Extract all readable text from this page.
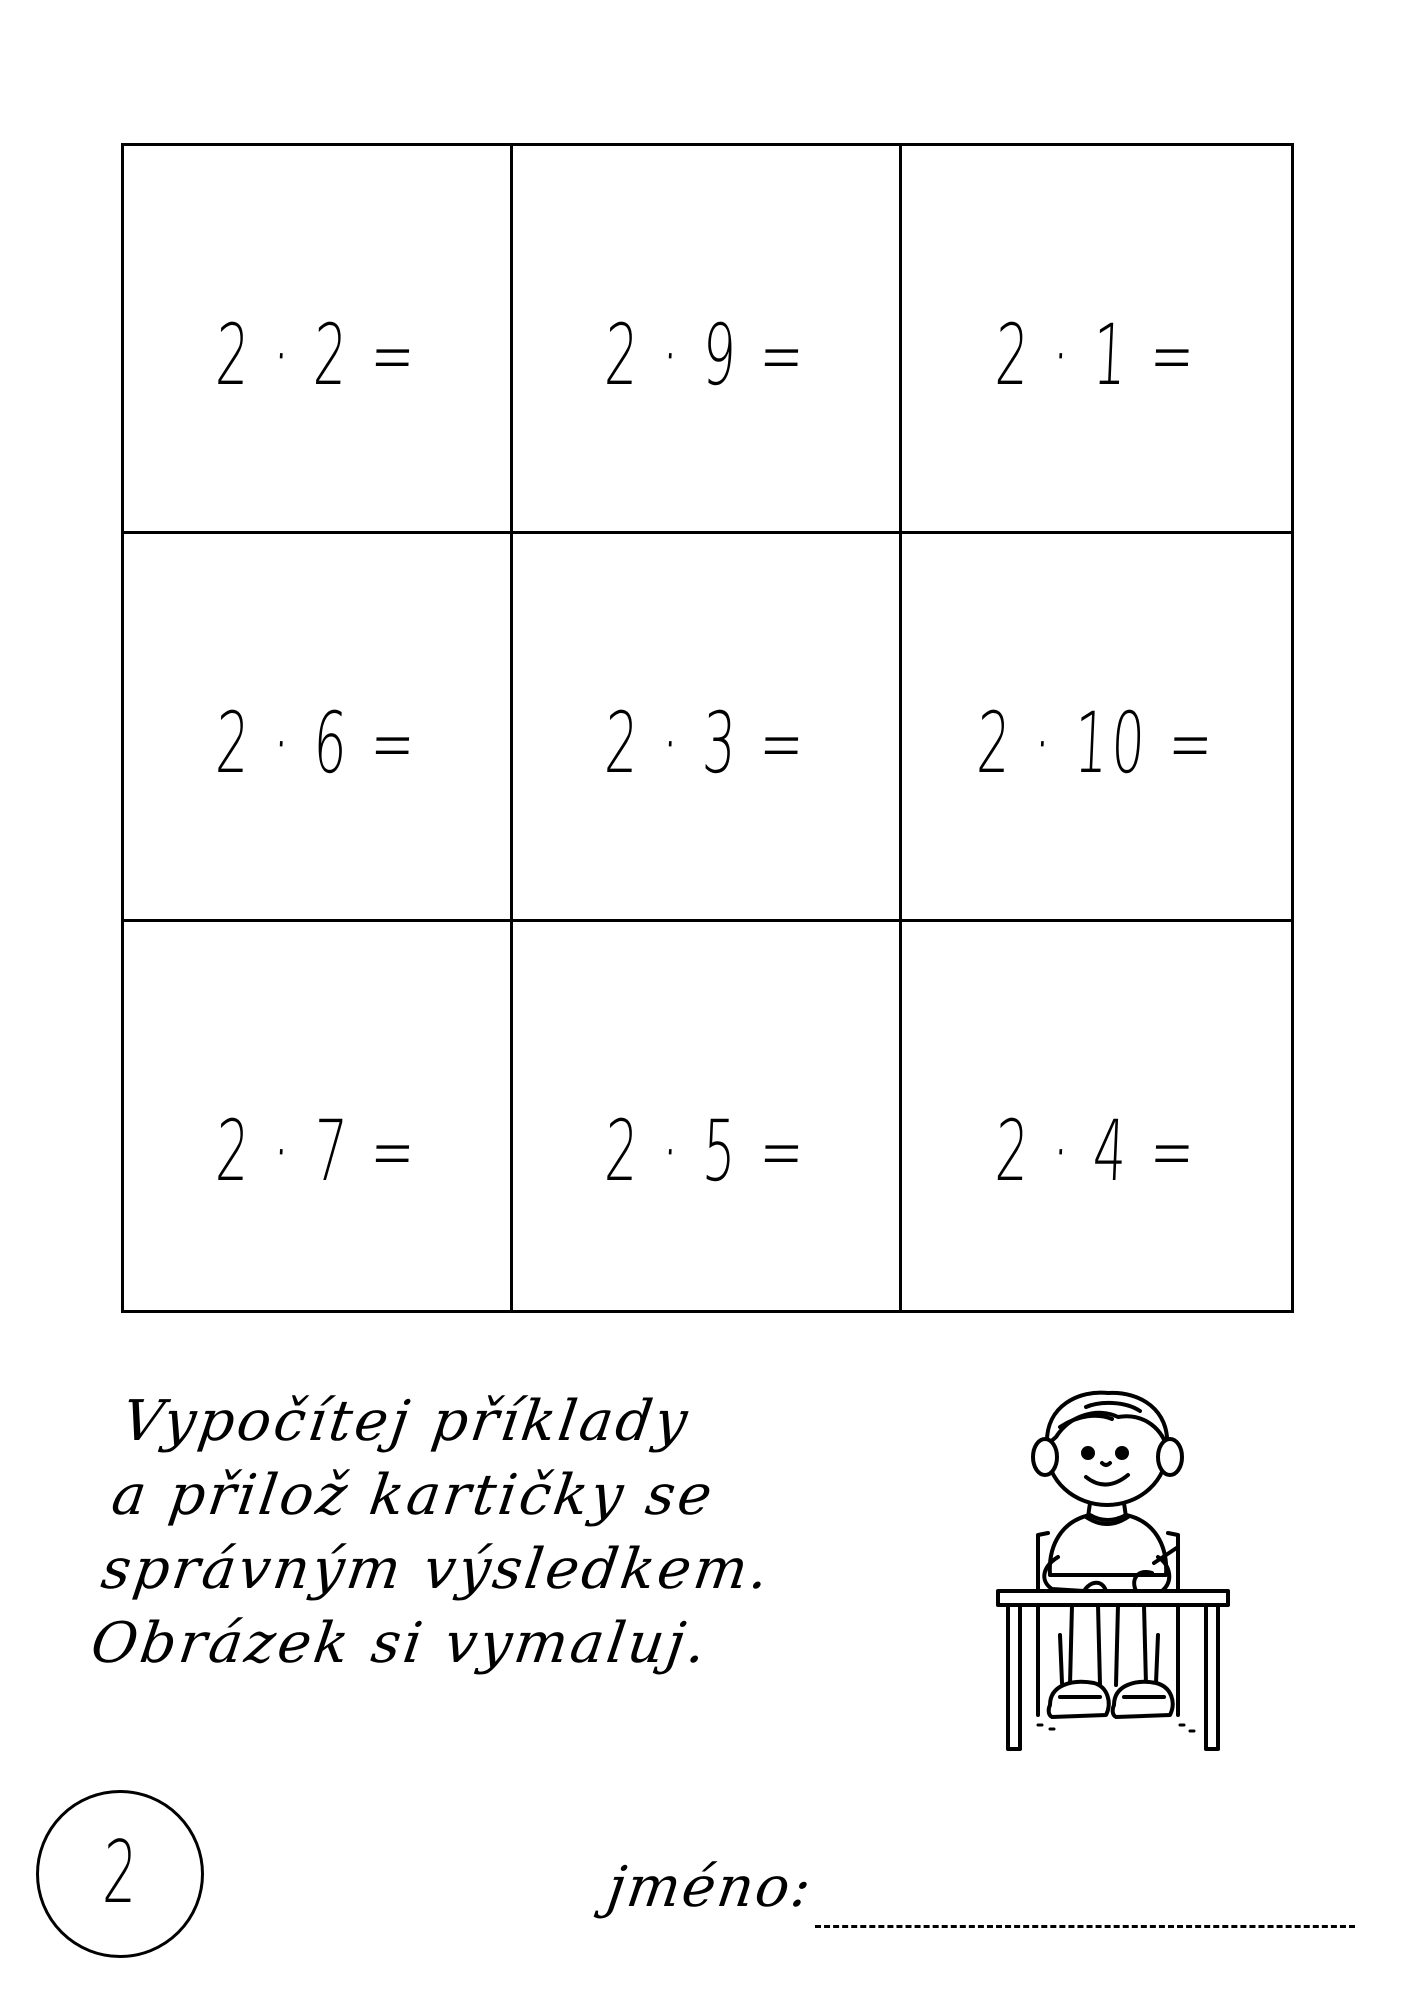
2 · 2 = 2 · 9 = 2 · 1 =
2 · 6 = 2 · 3 = 2 · 10 =
2 · 7 = 2 · 5 = 2 · 4 =
Vypočítej příklady
a přilož kartičky se
správným výsledkem.
Obrázek si vymaluj.
2	jméno:
